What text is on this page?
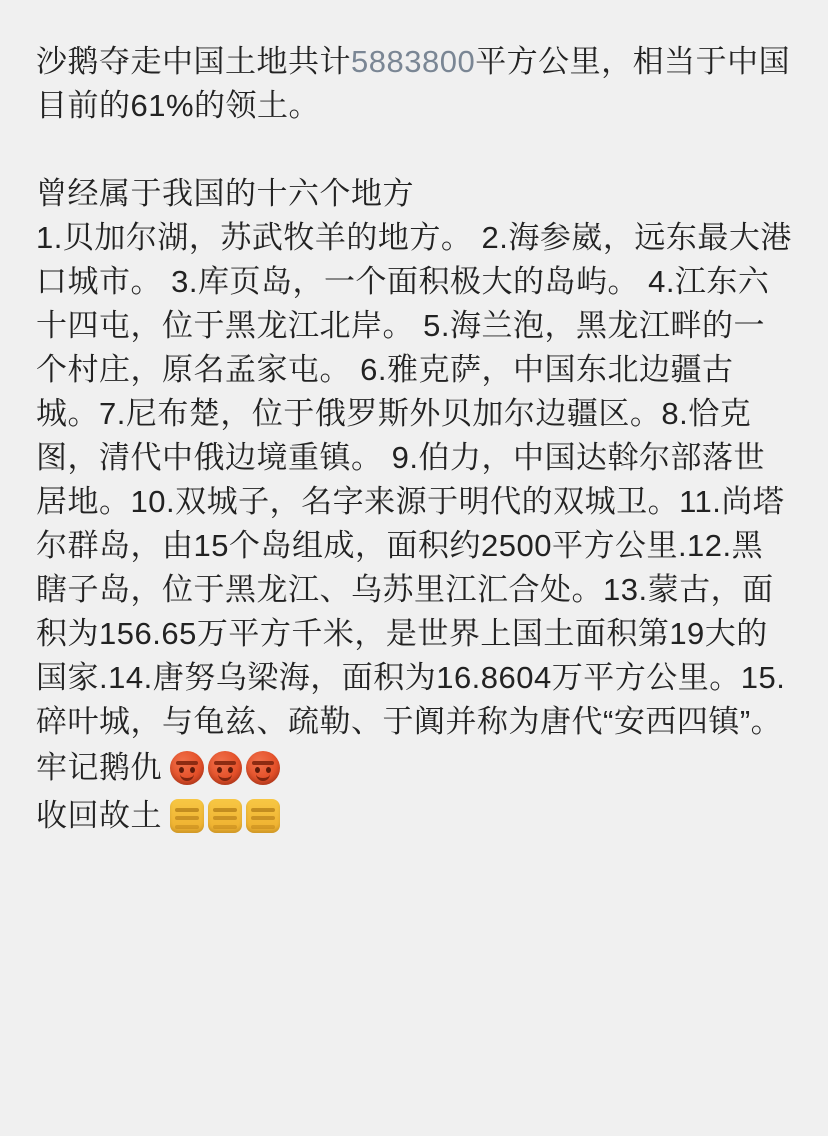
沙鹅夺走中国土地共计5883800平方公里，相当于中国目前的61%的领土。

曾经属于我国的十六个地方

1.贝加尔湖，苏武牧羊的地方。 2.海参崴，远东最大港口城市。 3.库页岛，一个面积极大的岛屿。 4.江东六十四屯，位于黑龙江北岸。 5.海兰泡，黑龙江畔的一个村庄，原名孟家屯。 6.雅克萨，中国东北边疆古城。7.尼布楚，位于俄罗斯外贝加尔边疆区。8.恰克图，清代中俄边境重镇。 9.伯力，中国达斡尔部落世居地。10.双城子，名字来源于明代的双城卫。11.尚塔尔群岛，由15个岛组成，面积约2500平方公里.12.黑瞎子岛，位于黑龙江、乌苏里江汇合处。13.蒙古，面积为156.65万平方千米，是世界上国土面积第19大的国家.14.唐努乌梁海，面积为16.8604万平方公里。15.碎叶城，与龟兹、疏勒、于阗并称为唐代“安西四镇”。

牢记鹅仇
收回故土
